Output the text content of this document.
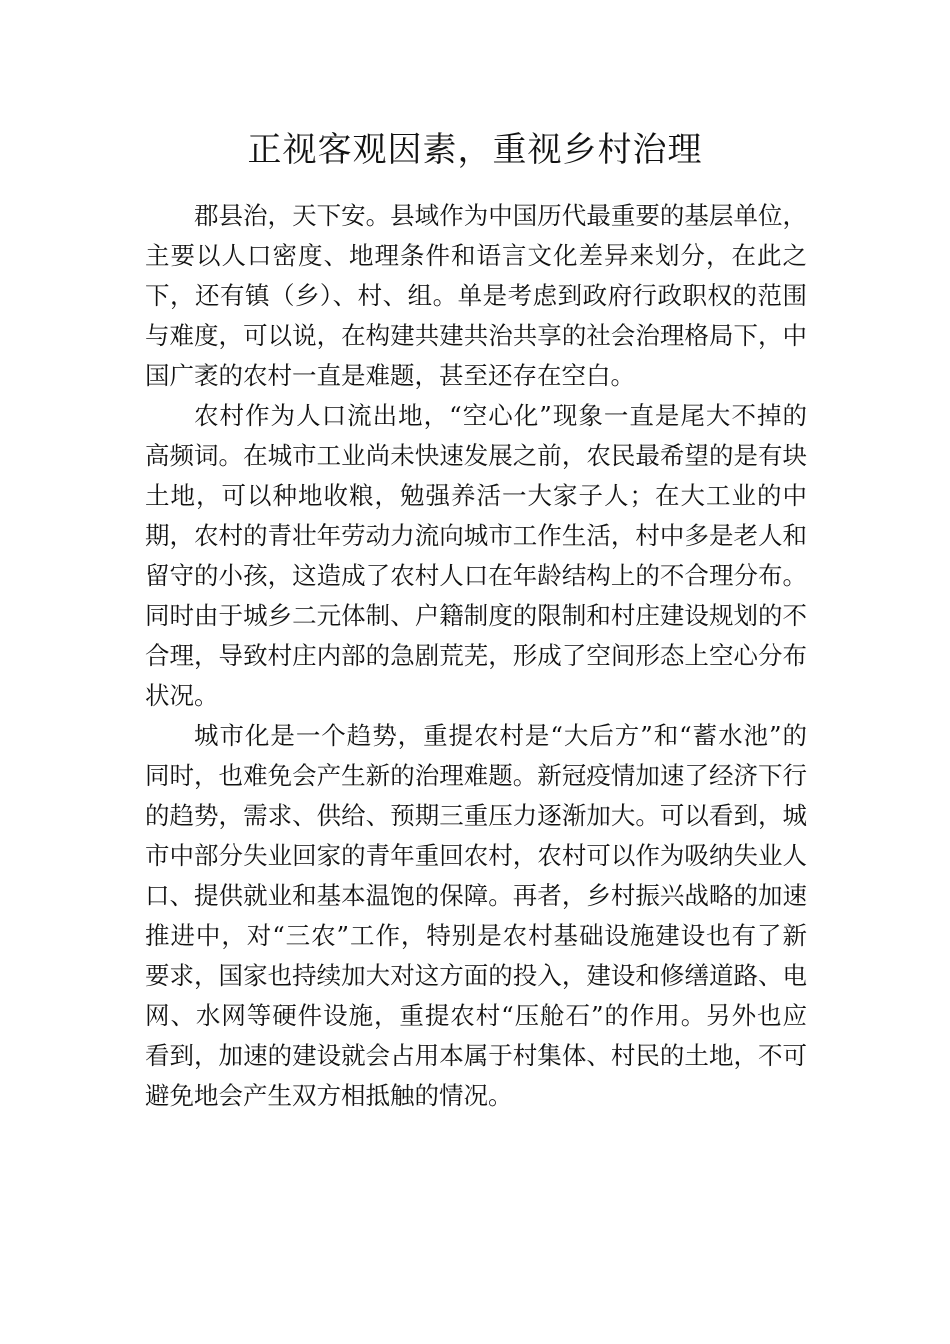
正视客观因素，重视乡村治理

郡县治，天下安。县域作为中国历代最重要的基层单位，主要以人口密度、地理条件和语言文化差异来划分，在此之下，还有镇（乡）、村、组。单是考虑到政府行政职权的范围与难度，可以说，在构建共建共治共享的社会治理格局下，中国广袤的农村一直是难题，甚至还存在空白。

农村作为人口流出地，“空心化”现象一直是尾大不掉的高频词。在城市工业尚未快速发展之前，农民最希望的是有块土地，可以种地收粮，勉强养活一大家子人；在大工业的中期，农村的青壮年劳动力流向城市工作生活，村中多是老人和留守的小孩，这造成了农村人口在年龄结构上的不合理分布。同时由于城乡二元体制、户籍制度的限制和村庄建设规划的不合理，导致村庄内部的急剧荒芜，形成了空间形态上空心分布状况。

城市化是一个趋势，重提农村是“大后方”和“蓄水池”的同时，也难免会产生新的治理难题。新冠疫情加速了经济下行的趋势，需求、供给、预期三重压力逐渐加大。可以看到，城市中部分失业回家的青年重回农村，农村可以作为吸纳失业人口、提供就业和基本温饱的保障。再者，乡村振兴战略的加速推进中，对“三农”工作，特别是农村基础设施建设也有了新要求，国家也持续加大对这方面的投入，建设和修缮道路、电网、水网等硬件设施，重提农村“压舱石”的作用。另外也应看到，加速的建设就会占用本属于村集体、村民的土地，不可避免地会产生双方相抵触的情况。
